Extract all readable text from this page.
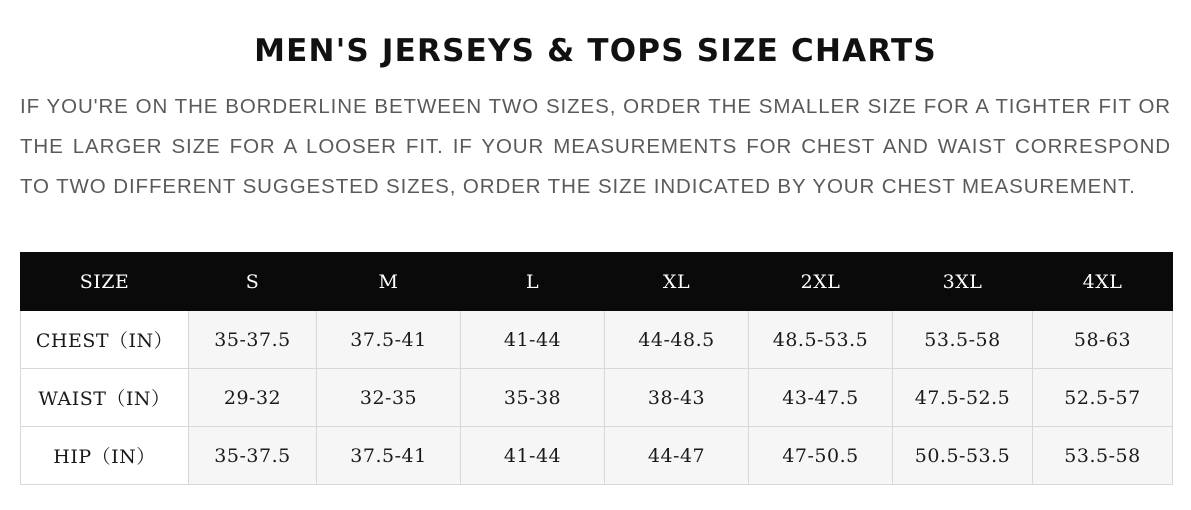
MEN'S JERSEYS & TOPS SIZE CHARTS

IF YOU'RE ON THE BORDERLINE BETWEEN TWO SIZES, ORDER THE SMALLER SIZE FOR A TIGHTER FIT OR THE LARGER SIZE FOR A LOOSER FIT. IF YOUR MEASUREMENTS FOR CHEST AND WAIST CORRESPOND TO TWO DIFFERENT SUGGESTED SIZES, ORDER THE SIZE INDICATED BY YOUR CHEST MEASUREMENT.

SIZE	S	M	L	XL	2XL	3XL	4XL
CHEST（IN）	35-37.5	37.5-41	41-44	44-48.5	48.5-53.5	53.5-58	58-63
WAIST（IN）	29-32	32-35	35-38	38-43	43-47.5	47.5-52.5	52.5-57
HIP（IN）	35-37.5	37.5-41	41-44	44-47	47-50.5	50.5-53.5	53.5-58
